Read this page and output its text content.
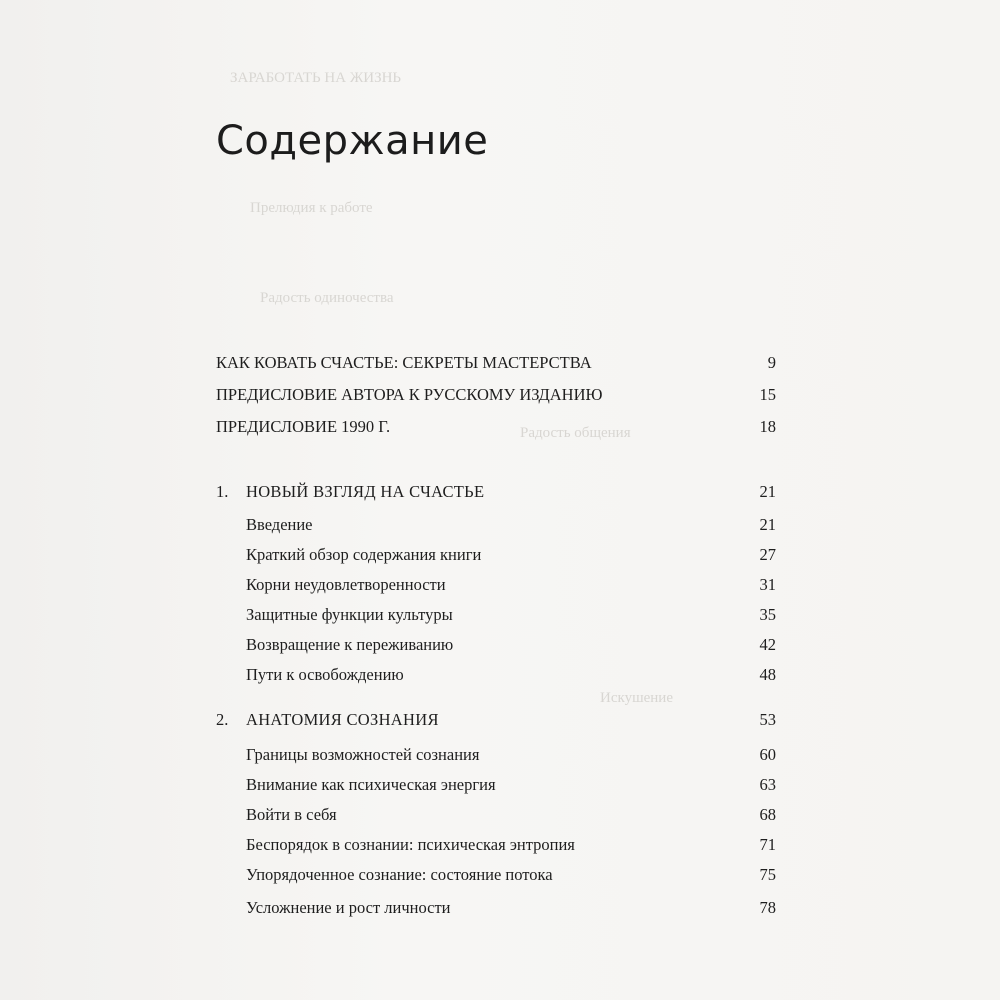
ЗАРАБОТАТЬ НА ЖИЗНЬ
Прелюдия к работе
Радость одиночества
Радость общения
Искушение
Содержание
КАК КОВАТЬ СЧАСТЬЕ: СЕКРЕТЫ МАСТЕРСТВА	9
ПРЕДИСЛОВИЕ АВТОРА К РУССКОМУ ИЗДАНИЮ	15
ПРЕДИСЛОВИЕ 1990 Г.	18
1. НОВЫЙ ВЗГЛЯД НА СЧАСТЬЕ	21
Введение	21
Краткий обзор содержания книги	27
Корни неудовлетворенности	31
Защитные функции культуры	35
Возвращение к переживанию	42
Пути к освобождению	48
2. АНАТОМИЯ СОЗНАНИЯ	53
Границы возможностей сознания	60
Внимание как психическая энергия	63
Войти в себя	68
Беспорядок в сознании: психическая энтропия	71
Упорядоченное сознание: состояние потока	75
Усложнение и рост личности	78
